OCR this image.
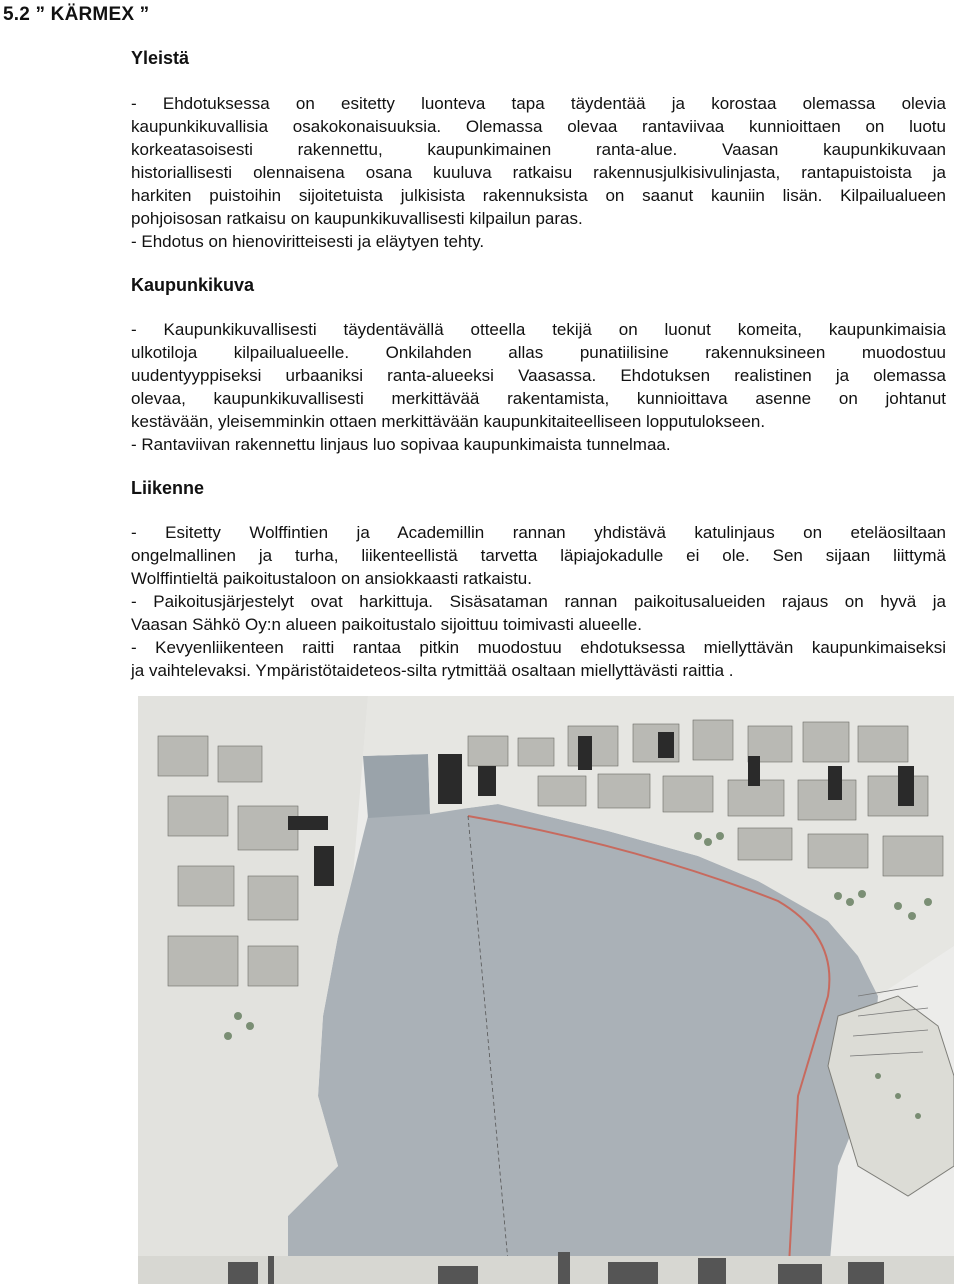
5.2 ” KÄRMEX ”
Yleistä
- Ehdotuksessa on esitetty luonteva tapa täydentää ja korostaa olemassa olevia
kaupunkikuvallisia osakokonaisuuksia. Olemassa olevaa rantaviivaa kunnioittaen on luotu
korkeatasoisesti rakennettu, kaupunkimainen ranta-alue. Vaasan kaupunkikuvaan
historiallisesti olennaisena osana kuuluva ratkaisu rakennusjulkisivulinjasta, rantapuistoista ja
harkiten puistoihin sijoitetuista julkisista rakennuksista on saanut kauniin lisän. Kilpailualueen
pohjoisosan ratkaisu on kaupunkikuvallisesti kilpailun paras.
- Ehdotus on hienoviritteisesti ja eläytyen tehty.
Kaupunkikuva
- Kaupunkikuvallisesti täydentävällä otteella tekijä on luonut komeita, kaupunkimaisia
ulkotiloja kilpailualueelle. Onkilahden allas punatiilisine rakennuksineen muodostuu
uudentyyppiseksi urbaaniksi ranta-alueeksi Vaasassa. Ehdotuksen realistinen ja olemassa
olevaa, kaupunkikuvallisesti merkittävää rakentamista, kunnioittava asenne on johtanut
kestävään, yleisemminkin ottaen merkittävään kaupunkitaiteelliseen lopputulokseen.
- Rantaviivan rakennettu linjaus luo sopivaa kaupunkimaista tunnelmaa.
Liikenne
- Esitetty Wolffintien ja Academillin rannan yhdistävä katulinjaus on eteläosiltaan
ongelmallinen ja turha, liikenteellistä tarvetta läpiajokadulle ei ole. Sen sijaan liittymä
Wolffintieltä paikoitustaloon on ansiokkaasti ratkaistu.
- Paikoitusjärjestelyt ovat harkittuja. Sisäsataman rannan paikoitusalueiden rajaus on hyvä ja
Vaasan Sähkö Oy:n alueen paikoitustalo sijoittuu toimivasti alueelle.
- Kevyenliikenteen raitti rantaa pitkin muodostuu ehdotuksessa miellyttävän kaupunkimaiseksi
ja vaihtelevaksi. Ympäristötaideteos-silta rytmittää osaltaan miellyttävästi raittia .
